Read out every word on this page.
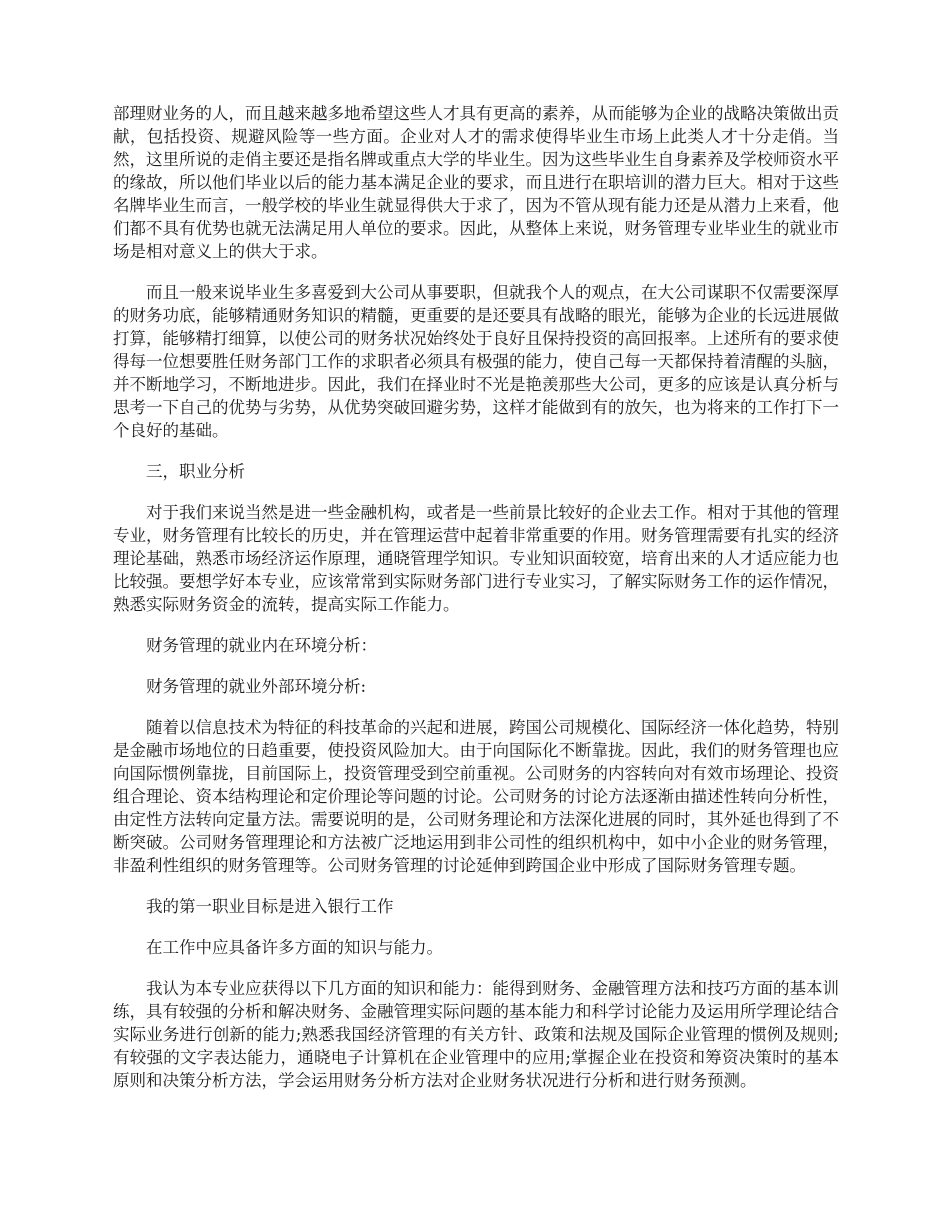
部理财业务的人，而且越来越多地希望这些人才具有更高的素养，从而能够为企业的战略决策做出贡献，包括投资、规避风险等一些方面。企业对人才的需求使得毕业生市场上此类人才十分走俏。当然，这里所说的走俏主要还是指名牌或重点大学的毕业生。因为这些毕业生自身素养及学校师资水平的缘故，所以他们毕业以后的能力基本满足企业的要求，而且进行在职培训的潜力巨大。相对于这些名牌毕业生而言，一般学校的毕业生就显得供大于求了，因为不管从现有能力还是从潜力上来看，他们都不具有优势也就无法满足用人单位的要求。因此，从整体上来说，财务管理专业毕业生的就业市场是相对意义上的供大于求。

而且一般来说毕业生多喜爱到大公司从事要职，但就我个人的观点，在大公司谋职不仅需要深厚的财务功底，能够精通财务知识的精髓，更重要的是还要具有战略的眼光，能够为企业的长远进展做打算，能够精打细算，以使公司的财务状况始终处于良好且保持投资的高回报率。上述所有的要求使得每一位想要胜任财务部门工作的求职者必须具有极强的能力，使自己每一天都保持着清醒的头脑，并不断地学习，不断地进步。因此，我们在择业时不光是艳羡那些大公司，更多的应该是认真分析与思考一下自己的优势与劣势，从优势突破回避劣势，这样才能做到有的放矢，也为将来的工作打下一个良好的基础。

三，职业分析

对于我们来说当然是进一些金融机构，或者是一些前景比较好的企业去工作。相对于其他的管理专业，财务管理有比较长的历史，并在管理运营中起着非常重要的作用。财务管理需要有扎实的经济理论基础，熟悉市场经济运作原理，通晓管理学知识。专业知识面较宽，培育出来的人才适应能力也比较强。要想学好本专业，应该常常到实际财务部门进行专业实习，了解实际财务工作的运作情况，熟悉实际财务资金的流转，提高实际工作能力。

财务管理的就业内在环境分析：

财务管理的就业外部环境分析:

随着以信息技术为特征的科技革命的兴起和进展，跨国公司规模化、国际经济一体化趋势，特别是金融市场地位的日趋重要，使投资风险加大。由于向国际化不断靠拢。因此，我们的财务管理也应向国际惯例靠拢，目前国际上，投资管理受到空前重视。公司财务的内容转向对有效市场理论、投资组合理论、资本结构理论和定价理论等问题的讨论。公司财务的讨论方法逐渐由描述性转向分析性，由定性方法转向定量方法。需要说明的是，公司财务理论和方法深化进展的同时，其外延也得到了不断突破。公司财务管理理论和方法被广泛地运用到非公司性的组织机构中，如中小企业的财务管理，非盈利性组织的财务管理等。公司财务管理的讨论延伸到跨国企业中形成了国际财务管理专题。

我的第一职业目标是进入银行工作

在工作中应具备许多方面的知识与能力。

我认为本专业应获得以下几方面的知识和能力：能得到财务、金融管理方法和技巧方面的基本训练，具有较强的分析和解决财务、金融管理实际问题的基本能力和科学讨论能力及运用所学理论结合实际业务进行创新的能力;熟悉我国经济管理的有关方针、政策和法规及国际企业管理的惯例及规则;有较强的文字表达能力，通晓电子计算机在企业管理中的应用;掌握企业在投资和筹资决策时的基本原则和决策分析方法，学会运用财务分析方法对企业财务状况进行分析和进行财务预测。
